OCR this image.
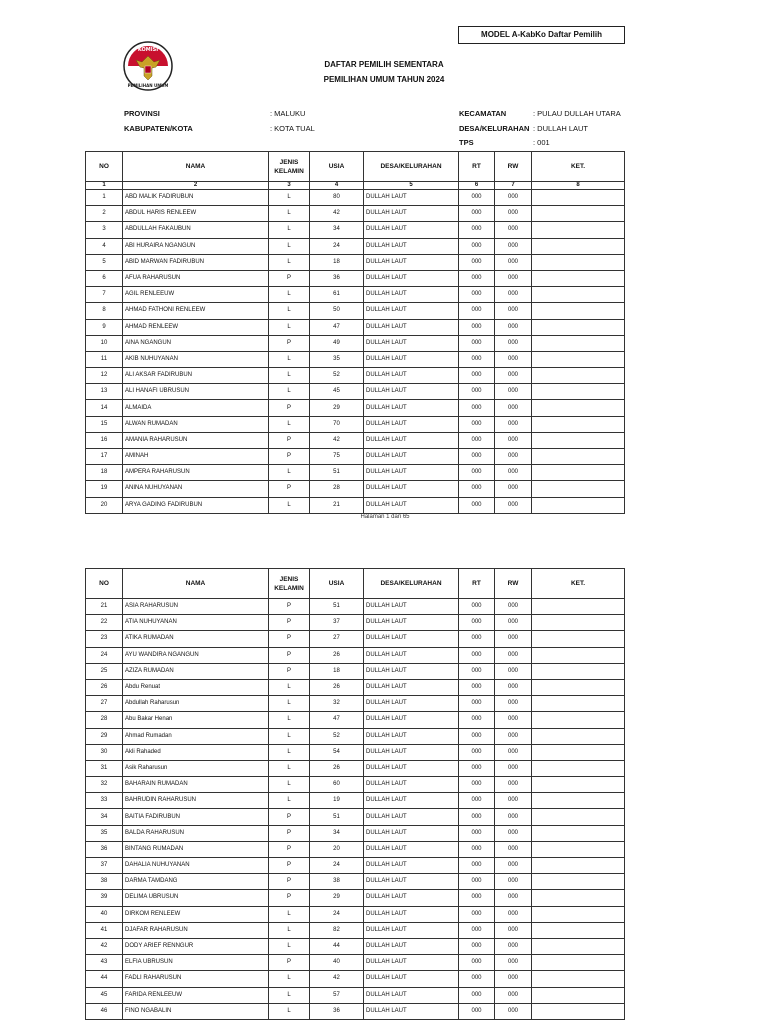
MODEL A-KabKo Daftar Pemilih
KOMISI
PEMILIHAN UMUM
DAFTAR PEMILIH SEMENTARA
PEMILIHAN UMUM TAHUN 2024
PROVINSI	: MALUKU
KABUPATEN/KOTA	: KOTA TUAL
KECAMATAN	: PULAU DULLAH UTARA
DESA/KELURAHAN : DULLAH LAUT
TPS	: 001
NO	NAMA	JENIS KELAMIN	USIA	DESA/KELURAHAN	RT	RW	KET.
1	2	3	4	5	6	7	8
1	ABD MALIK FADIRUBUN	L	80	DULLAH LAUT	000	000	
2	ABDUL HARIS RENLEEW	L	42	DULLAH LAUT	000	000	
3	ABDULLAH FAKAUBUN	L	34	DULLAH LAUT	000	000	
4	ABI HURAIRA NGANGUN	L	24	DULLAH LAUT	000	000	
5	ABID MARWAN FADIRUBUN	L	18	DULLAH LAUT	000	000	
6	AFUA RAHARUSUN	P	36	DULLAH LAUT	000	000	
7	AGIL RENLEEUW	L	61	DULLAH LAUT	000	000	
8	AHMAD FATHONI RENLEEW	L	50	DULLAH LAUT	000	000	
9	AHMAD RENLEEW	L	47	DULLAH LAUT	000	000	
10	AINA NGANGUN	P	49	DULLAH LAUT	000	000	
11	AKIB NUHUYANAN	L	35	DULLAH LAUT	000	000	
12	ALI AKSAR FADIRUBUN	L	52	DULLAH LAUT	000	000	
13	ALI HANAFI UBRUSUN	L	45	DULLAH LAUT	000	000	
14	ALMAIDA	P	29	DULLAH LAUT	000	000	
15	ALWAN RUMADAN	L	70	DULLAH LAUT	000	000	
16	AMANIA RAHARUSUN	P	42	DULLAH LAUT	000	000	
17	AMINAH	P	75	DULLAH LAUT	000	000	
18	AMPERA RAHARUSUN	L	51	DULLAH LAUT	000	000	
19	ANINA NUHUYANAN	P	28	DULLAH LAUT	000	000	
20	ARYA GADING FADIRUBUN	L	21	DULLAH LAUT	000	000	
Halaman 1 dari 65
NO	NAMA	JENIS KELAMIN	USIA	DESA/KELURAHAN	RT	RW	KET.
21	ASIA RAHARUSUN	P	51	DULLAH LAUT	000	000	
22	ATIA NUHUYANAN	P	37	DULLAH LAUT	000	000	
23	ATIKA RUMADAN	P	27	DULLAH LAUT	000	000	
24	AYU WANDIRA NGANGUN	P	26	DULLAH LAUT	000	000	
25	AZIZA RUMADAN	P	18	DULLAH LAUT	000	000	
26	Abdu Renuat	L	26	DULLAH LAUT	000	000	
27	Abdullah Raharusun	L	32	DULLAH LAUT	000	000	
28	Abu Bakar Henan	L	47	DULLAH LAUT	000	000	
29	Ahmad Rumadan	L	52	DULLAH LAUT	000	000	
30	Akli Rahaded	L	54	DULLAH LAUT	000	000	
31	Asik Raharusun	L	26	DULLAH LAUT	000	000	
32	BAHARAIN RUMADAN	L	60	DULLAH LAUT	000	000	
33	BAHRUDIN RAHARUSUN	L	19	DULLAH LAUT	000	000	
34	BAITIA FADIRUBUN	P	51	DULLAH LAUT	000	000	
35	BALDA RAHARUSUN	P	34	DULLAH LAUT	000	000	
36	BINTANG RUMADAN	P	20	DULLAH LAUT	000	000	
37	DAHALIA NUHUYANAN	P	24	DULLAH LAUT	000	000	
38	DARMA TAMDANG	P	38	DULLAH LAUT	000	000	
39	DELIMA UBRUSUN	P	29	DULLAH LAUT	000	000	
40	DIRKOM RENLEEW	L	24	DULLAH LAUT	000	000	
41	DJAFAR RAHARUSUN	L	82	DULLAH LAUT	000	000	
42	DODY ARIEF RENNGUR	L	44	DULLAH LAUT	000	000	
43	ELFIA UBRUSUN	P	40	DULLAH LAUT	000	000	
44	FADLI RAHARUSUN	L	42	DULLAH LAUT	000	000	
45	FARIDA RENLEEUW	L	57	DULLAH LAUT	000	000	
46	FINO NGABALIN	L	36	DULLAH LAUT	000	000	
